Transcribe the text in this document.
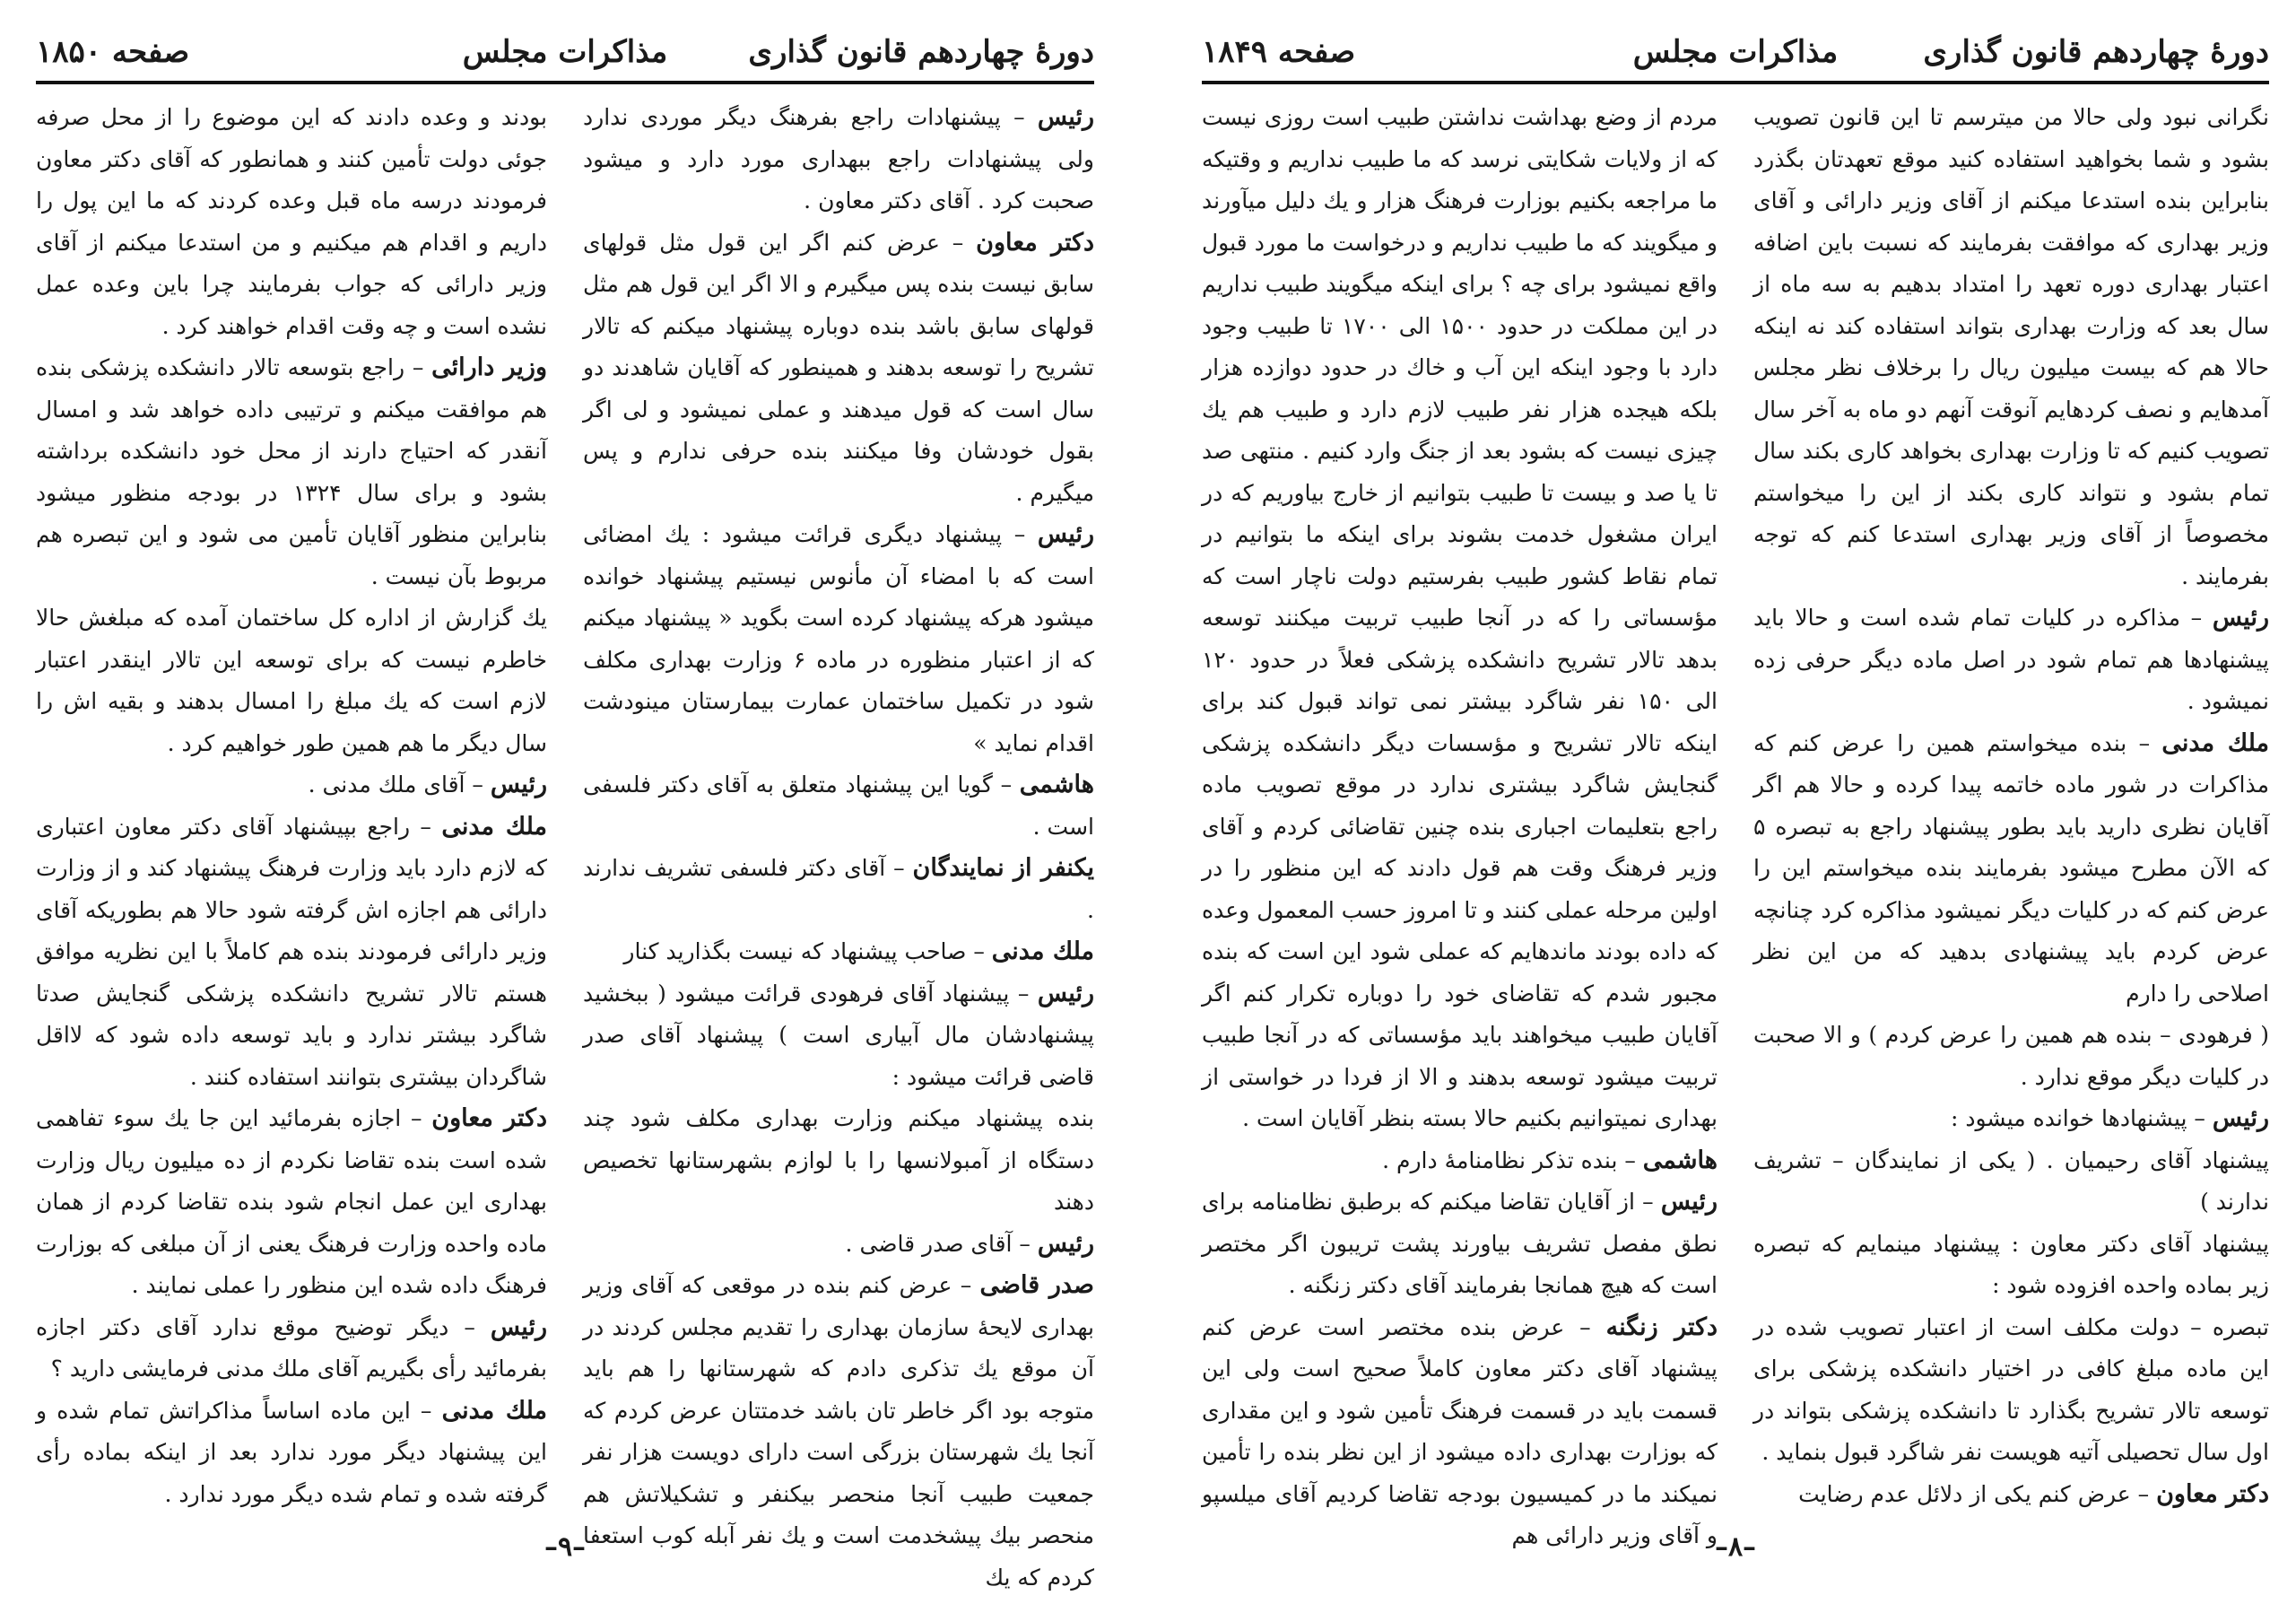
دورهٔ چهاردهم قانون گذاری
مذاکرات مجلس
صفحه ۱۸۵۰

رئیس – پیشنهادات راجع بفرهنگ دیگر موردی ندارد ولی پیشنهادات راجع ببهداری مورد دارد و میشود صحبت کرد . آقای دکتر معاون .

دکتر معاون – عرض کنم اگر این قول مثل قولهای سابق نیست بنده پس میگیرم و الا اگر این قول هم مثل قولهای سابق باشد بنده دوباره پیشنهاد میکنم که تالار تشریح را توسعه بدهند و همینطور که آقایان شاهدند دو سال است که قول میدهند و عملی نمیشود و لی اگر بقول خودشان وفا میکنند بنده حرفی ندارم و پس میگیرم .

رئیس – پیشنهاد دیگری قرائت میشود : یك امضائی است که با امضاء آن مأنوس نیستیم پیشنهاد خوانده میشود هرکه پیشنهاد کرده است بگوید « پیشنهاد میکنم که از اعتبار منظوره در ماده ۶ وزارت بهداری مکلف شود در تکمیل ساختمان عمارت بیمارستان مینودشت اقدام نماید »

هاشمی – گویا این پیشنهاد متعلق به آقای دکتر فلسفی است .

یکنفر از نمایندگان – آقای دکتر فلسفی تشریف ندارند .

ملك مدنی – صاحب پیشنهاد که نیست بگذارید کنار

رئیس – پیشنهاد آقای فرهودی قرائت میشود ( ببخشید پیشنهادشان مال آبیاری است ) پیشنهاد آقای صدر قاضی قرائت میشود :

بنده پیشنهاد میکنم وزارت بهداری مکلف شود چند دستگاه از آمبولانسها را با لوازم بشهرستانها تخصیص دهند

رئیس – آقای صدر قاضی .

صدر قاضی – عرض کنم بنده در موقعی که آقای وزیر بهداری لایحهٔ سازمان بهداری را تقدیم مجلس کردند در آن موقع یك تذکری دادم که شهرستانها را هم باید متوجه بود اگر خاطر تان باشد خدمتتان عرض کردم که آنجا یك شهرستان بزرگی است دارای دویست هزار نفر جمعیت طبیب آنجا منحصر بیکنفر و تشکیلاتش هم منحصر بیك پیشخدمت است و یك نفر آبله کوب استعفا کردم که یك

بودند و وعده دادند که این موضوع را از محل صرفه جوئی دولت تأمین کنند و همانطور که آقای دکتر معاون فرمودند درسه ماه قبل وعده کردند که ما این پول را داریم و اقدام هم میکنیم و من استدعا میکنم از آقای وزیر دارائی که جواب بفرمایند چرا باین وعده عمل نشده است و چه وقت اقدام خواهند کرد .

وزیر دارائی – راجع بتوسعه تالار دانشکده پزشکی بنده هم موافقت میکنم و ترتیبی داده خواهد شد و امسال آنقدر که احتیاج دارند از محل خود دانشکده برداشته بشود و برای سال ۱۳۲۴ در بودجه منظور میشود بنابراین منظور آقایان تأمین می شود و این تبصره هم مربوط بآن نیست .

یك گزارش از اداره کل ساختمان آمده که مبلغش حالا خاطرم نیست که برای توسعه این تالار اینقدر اعتبار لازم است که یك مبلغ را امسال بدهند و بقیه اش را سال دیگر ما هم همین طور خواهیم کرد .

رئیس – آقای ملك مدنی .

ملك مدنی – راجع بپیشنهاد آقای دکتر معاون اعتباری که لازم دارد باید وزارت فرهنگ پیشنهاد کند و از وزارت دارائی هم اجازه اش گرفته شود حالا هم بطوریکه آقای وزیر دارائی فرمودند بنده هم کاملاً با این نظریه موافق هستم تالار تشریح دانشکده پزشکی گنجایش صدتا شاگرد بیشتر ندارد و باید توسعه داده شود که لااقل شاگردان بیشتری بتوانند استفاده کنند .

دکتر معاون – اجازه بفرمائید این جا یك سوء تفاهمی شده است بنده تقاضا نکردم از ده میلیون ریال وزارت بهداری این عمل انجام شود بنده تقاضا کردم از همان ماده واحده وزارت فرهنگ یعنی از آن مبلغی که بوزارت فرهنگ داده شده این منظور را عملی نمایند .

رئیس – دیگر توضیح موقع ندارد آقای دکتر اجازه بفرمائید رأی بگیریم آقای ملك مدنی فرمایشی دارید ؟

ملك مدنی – این ماده اساساً مذاکراتش تمام شده و این پیشنهاد دیگر مورد ندارد بعد از اینکه بماده رأی گرفته شده و تمام شده دیگر مورد ندارد .

–۹–
دورهٔ چهاردهم قانون گذاری
مذاکرات مجلس
صفحه ۱۸۴۹

نگرانی نبود ولی حالا من میترسم تا این قانون تصویب بشود و شما بخواهید استفاده کنید موقع تعهدتان بگذرد بنابراین بنده استدعا میکنم از آقای وزیر دارائی و آقای وزیر بهداری که موافقت بفرمایند که نسبت باین اضافه اعتبار بهداری دوره تعهد را امتداد بدهیم به سه ماه از سال بعد که وزارت بهداری بتواند استفاده کند نه اینکه حالا هم که بیست میلیون ریال را برخلاف نظر مجلس آمدهایم و نصف کردهایم آنوقت آنهم دو ماه به آخر سال تصویب کنیم که تا وزارت بهداری بخواهد کاری بکند سال تمام بشود و نتواند کاری بکند از این را میخواستم مخصوصاً از آقای وزیر بهداری استدعا کنم که توجه بفرمایند .

رئیس – مذاکره در کلیات تمام شده است و حالا باید پیشنهادها هم تمام شود در اصل ماده دیگر حرفی زده نمیشود .

ملك مدنی – بنده میخواستم همین را عرض کنم که مذاکرات در شور ماده خاتمه پیدا کرده و حالا هم اگر آقایان نظری دارید باید بطور پیشنهاد راجع به تبصره ۵ که الآن مطرح میشود بفرمایند بنده میخواستم این را عرض کنم که در کلیات دیگر نمیشود مذاکره کرد چنانچه عرض کردم باید پیشنهادی بدهید که من این نظر اصلاحی را دارم

( فرهودی – بنده هم همین را عرض کردم ) و الا صحبت در کلیات دیگر موقع ندارد .

رئیس – پیشنهادها خوانده میشود :

پیشنهاد آقای رحیمیان . ( یکی از نمایندگان – تشریف ندارند )

پیشنهاد آقای دکتر معاون : پیشنهاد مینمایم که تبصره زیر بماده واحده افزوده شود :

تبصره – دولت مکلف است از اعتبار تصویب شده در این ماده مبلغ کافی در اختیار دانشکده پزشکی برای توسعه تالار تشریح بگذارد تا دانشکده پزشکی بتواند در اول سال تحصیلی آتیه هویست نفر شاگرد قبول بنماید .

دکتر معاون – عرض کنم یکی از دلائل عدم رضایت

مردم از وضع بهداشت نداشتن طبیب است روزی نیست که از ولایات شکایتی نرسد که ما طبیب نداریم و وقتیکه ما مراجعه بکنیم بوزارت فرهنگ هزار و یك دلیل میآورند و میگویند که ما طبیب نداریم و درخواست ما مورد قبول واقع نمیشود برای چه ؟ برای اینکه میگویند طبیب نداریم در این مملکت در حدود ۱۵۰۰ الی ۱۷۰۰ تا طبیب وجود دارد با وجود اینکه این آب و خاك در حدود دوازده هزار بلکه هیجده هزار نفر طبیب لازم دارد و طبیب هم یك چیزی نیست که بشود بعد از جنگ وارد کنیم . منتهی صد تا یا صد و بیست تا طبیب بتوانیم از خارج بیاوریم که در ایران مشغول خدمت بشوند برای اینکه ما بتوانیم در تمام نقاط کشور طبیب بفرستیم دولت ناچار است که مؤسساتی را که در آنجا طبیب تربیت میکنند توسعه بدهد تالار تشریح دانشکده پزشکی فعلاً در حدود ۱۲۰ الی ۱۵۰ نفر شاگرد بیشتر نمی تواند قبول کند برای اینکه تالار تشریح و مؤسسات دیگر دانشکده پزشکی گنجایش شاگرد بیشتری ندارد در موقع تصویب ماده راجع بتعلیمات اجباری بنده چنین تقاضائی کردم و آقای وزیر فرهنگ وقت هم قول دادند که این منظور را در اولین مرحله عملی کنند و تا امروز حسب المعمول وعده که داده بودند ماندهایم که عملی شود این است که بنده مجبور شدم که تقاضای خود را دوباره تکرار کنم اگر آقایان طبیب میخواهند باید مؤسساتی که در آنجا طبیب تربیت میشود توسعه بدهند و الا از فردا در خواستی از بهداری نمیتوانیم بکنیم حالا بسته بنظر آقایان است .

هاشمی – بنده تذکر نظامنامهٔ دارم .

رئیس – از آقایان تقاضا میکنم که برطبق نظامنامه برای نطق مفصل تشریف بیاورند پشت تریبون اگر مختصر است که هیچ همانجا بفرمایند آقای دکتر زنگنه .

دکتر زنگنه – عرض بنده مختصر است عرض کنم پیشنهاد آقای دکتر معاون کاملاً صحیح است ولی این قسمت باید در قسمت فرهنگ تأمین شود و این مقداری که بوزارت بهداری داده میشود از این نظر بنده را تأمین نمیکند ما در کمیسیون بودجه تقاضا کردیم آقای میلسپو و آقای وزیر دارائی هم

–۸–
